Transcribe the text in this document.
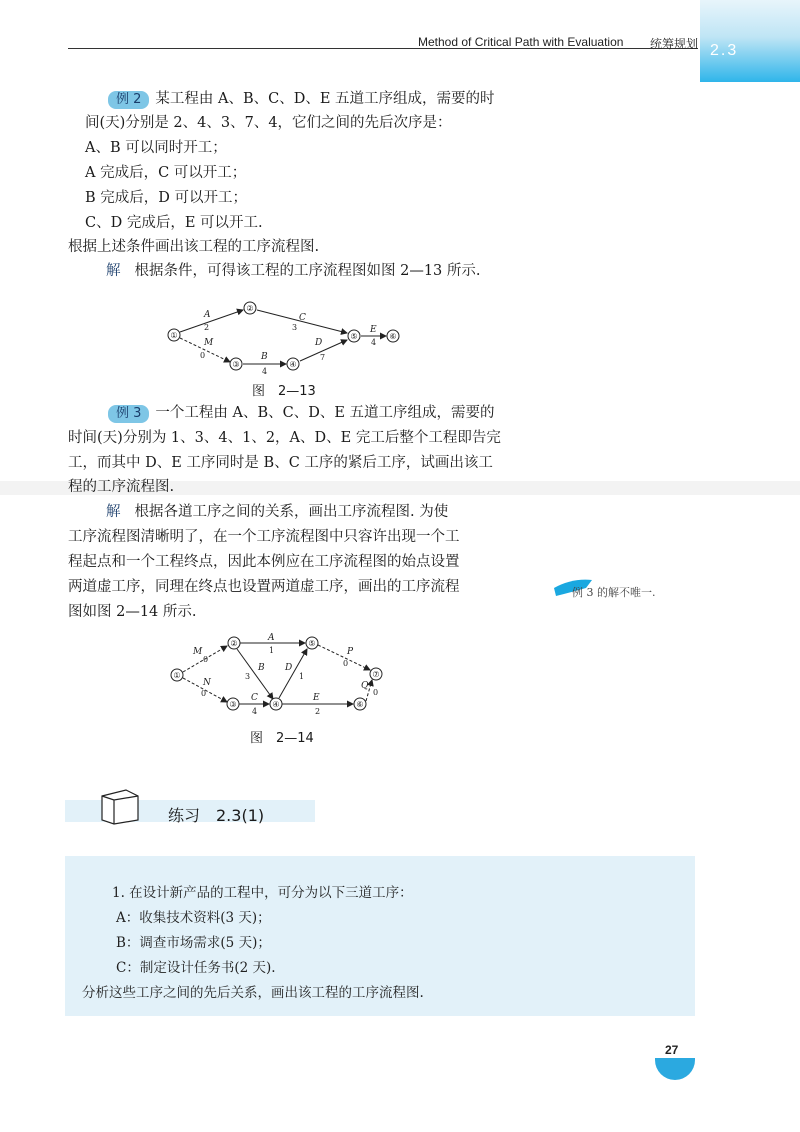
Method of Critical Path with Evaluation 统筹规划 2.3
例 2 某工程由 A、B、C、D、E 五道工序组成，需要的时
间(天)分别是 2、4、3、7、4，它们之间的先后次序是：
A、B 可以同时开工；
A 完成后，C 可以开工；
B 完成后，D 可以开工；
C、D 完成后，E 可以开工.
根据上述条件画出该工程的工序流程图.
解 根据条件，可得该工程的工序流程图如图 2—13 所示.
①
②
③	④
⑤	⑥
A	C
M
B
D
E
2	3
0
4
7
4
图　2—13
例 3 一个工程由 A、B、C、D、E 五道工序组成，需要的
时间(天)分别为 1、3、4、1、2，A、D、E 完工后整个工程即告完
工，而其中 D、E 工序同时是 B、C 工序的紧后工序，试画出该工
程的工序流程图.
解 根据各道工序之间的关系，画出工序流程图. 为使
工序流程图清晰明了，在一个工序流程图中只容许出现一个工
程起点和一个工程终点，因此本例应在工序流程图的始点设置
两道虚工序，同理在终点也设置两道虚工序，画出的工序流程
图如图 2—14 所示.
例 3 的解不唯一.
①
②
③	④
⑤
⑥
⑦
M
N
A
B
C
D
E
P
Q
0
0
1
3
4
1
2
0
0
图　2—14
练习　2.3(1)
1. 在设计新产品的工程中，可分为以下三道工序：
A：收集技术资料(3 天)；
B：调查市场需求(5 天)；
C：制定设计任务书(2 天).
分析这些工序之间的先后关系，画出该工程的工序流程图.
27
